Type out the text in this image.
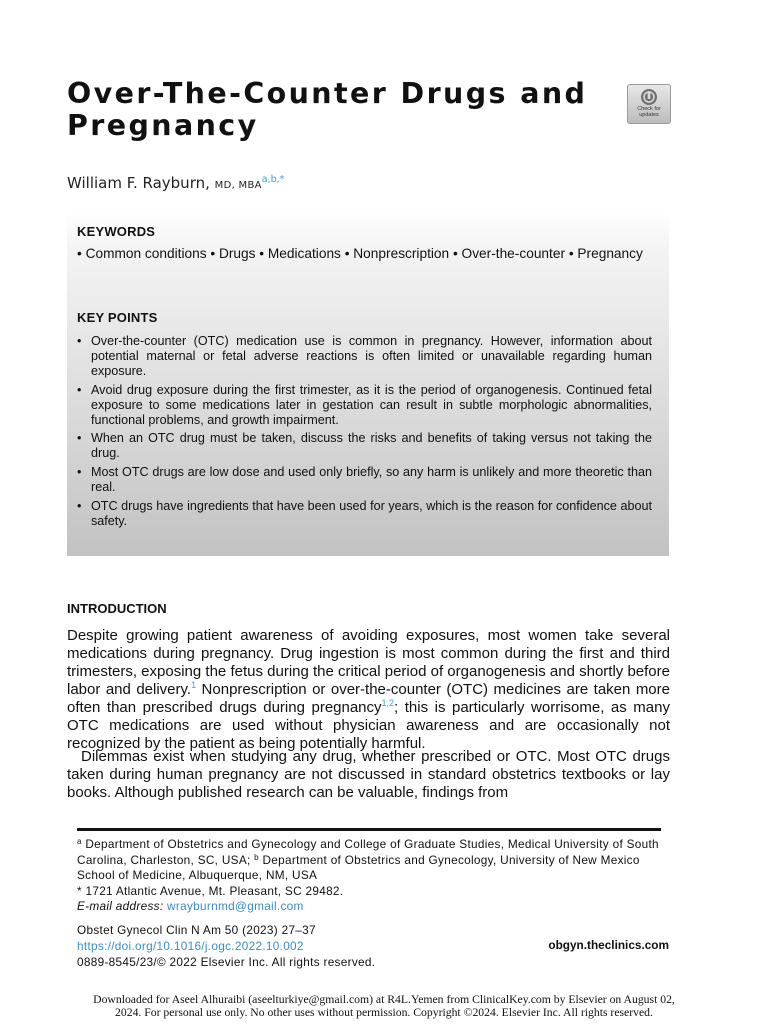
Over-The-Counter Drugs and Pregnancy	Check for
updates
William F. Rayburn, MD, $MBA^{a,b,*}$
KEYWORDS
• Common conditions • Drugs • Medications • Nonprescription • Over-the-counter • Pregnancy
KEY POINTS
• Over-the-counter (OTC) medication use is common in pregnancy. However, information about potential maternal or fetal adverse reactions is often limited or unavailable regarding human exposure.
• Avoid drug exposure during the first trimester, as it is the period of organogenesis. Continued fetal exposure to some medications later in gestation can result in subtle morphologic abnormalities, functional problems, and growth impairment.
• When an OTC drug must be taken, discuss the risks and benefits of taking versus not taking the drug.
• Most OTC drugs are low dose and used only briefly, so any harm is unlikely and more theoretic than real.
• OTC drugs have ingredients that have been used for years, which is the reason for confidence about safety.
INTRODUCTION

Despite growing patient awareness of avoiding exposures, most women take several medications during pregnancy. Drug ingestion is most common during the first and third trimesters, exposing the fetus during the critical period of organogenesis and shortly before labor and delivery.$^1$ Nonprescription or over-the-counter (OTC) medicines are taken more often than prescribed drugs during pregnancy$^{1,2}$; this is particularly worrisome, as many OTC medications are used without physician awareness and are occasionally not recognized by the patient as being potentially harmful.

Dilemmas exist when studying any drug, whether prescribed or OTC. Most OTC drugs taken during human pregnancy are not discussed in standard obstetrics textbooks or lay books. Although published research can be valuable, findings from

$^a$ Department of Obstetrics and Gynecology and College of Graduate Studies, Medical University of South Carolina, Charleston, SC, USA; $^b$ Department of Obstetrics and Gynecology, University of New Mexico School of Medicine, Albuquerque, NM, USA
* 1721 Atlantic Avenue, Mt. Pleasant, SC 29482.
E-mail address: wrayburnmd@gmail.com
Obstet Gynecol Clin N Am 50 (2023) 27–37
https://doi.org/10.1016/j.ogc.2022.10.002
0889-8545/23/© 2022 Elsevier Inc. All rights reserved.
obgyn.theclinics.com
Downloaded for Aseel Alhuraibi (aseelturkiye@gmail.com) at R4L.Yemen from ClinicalKey.com by Elsevier on August 02,
2024. For personal use only. No other uses without permission. Copyright ©2024. Elsevier Inc. All rights reserved.
